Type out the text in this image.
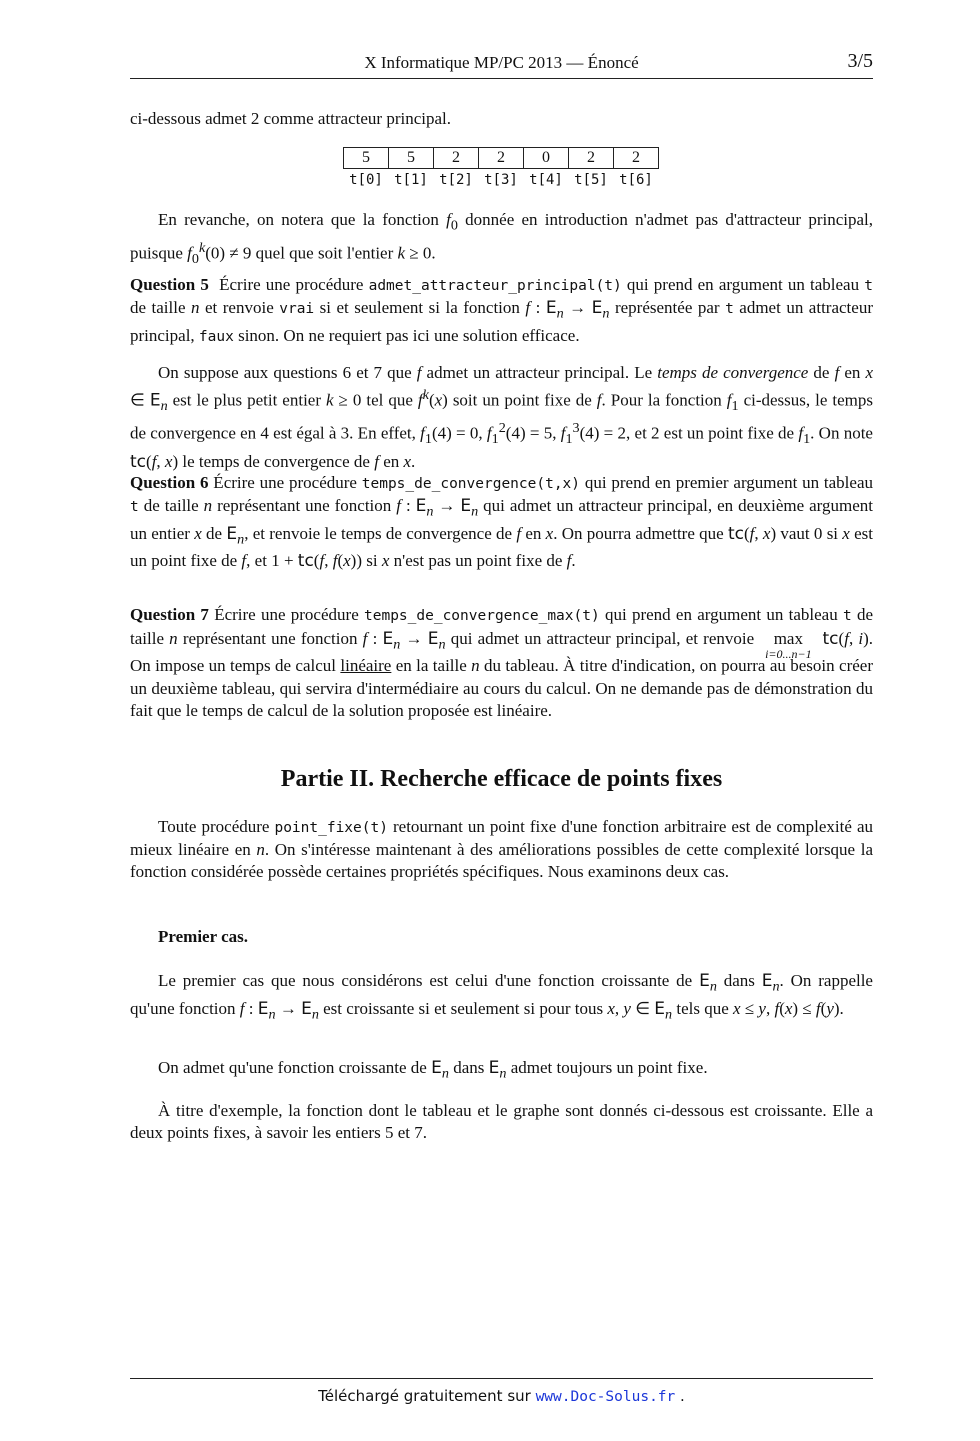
X Informatique MP/PC 2013 — Énoncé	3/5
ci-dessous admet 2 comme attracteur principal.
5	5	2	2	0	2	2
t[0]	t[1]	t[2]	t[3]	t[4]	t[5]	t[6]
En revanche, on notera que la fonction $f_0$ donnée en introduction n'admet pas d'attracteur principal, puisque $f_0^k(0) \ne 9$ quel que soit l'entier k ≥ 0.
Question 5 Écrire une procédure admet_attracteur_principal(t) qui prend en argument un tableau t de taille n et renvoie vrai si et seulement si la fonction f : $E_n \to E_n$ représentée par t admet un attracteur principal, faux sinon. On ne requiert pas ici une solution efficace.
On suppose aux questions 6 et 7 que f admet un attracteur principal. Le temps de convergence de f en x ∈ $E_n$ est le plus petit entier k ≥ 0 tel que $f^k(x)$ soit un point fixe de f. Pour la fonction $f_1$ ci-dessus, le temps de convergence en 4 est égal à 3. En effet, $f_1(4) = 0$, $f_1^2(4) = 5$, $f_1^3(4) = 2$, et 2 est un point fixe de $f_1$. On note tc(f, x) le temps de convergence de f en x.
Question 6 Écrire une procédure temps_de_convergence(t,x) qui prend en premier argument un tableau t de taille n représentant une fonction f : $E_n \to E_n$ qui admet un attracteur principal, en deuxième argument un entier x de $E_n$, et renvoie le temps de convergence de f en x. On pourra admettre que tc(f, x) vaut 0 si x est un point fixe de f, et 1 + tc(f, f(x)) si x n'est pas un point fixe de f.
Question 7 Écrire une procédure temps_de_convergence_max(t) qui prend en argument un tableau t de taille n représentant une fonction f : $E_n \to E_n$ qui admet un attracteur principal, et renvoie max
i=0...n−1
tc(f, i). On impose un temps de calcul linéaire en la taille n du tableau. À titre d'indication, on pourra au besoin créer un deuxième tableau, qui servira d'intermédiaire au cours du calcul. On ne demande pas de démonstration du fait que le temps de calcul de la solution proposée est linéaire.
Partie II. Recherche efficace de points fixes
Toute procédure point_fixe(t) retournant un point fixe d'une fonction arbitraire est de complexité au mieux linéaire en n. On s'intéresse maintenant à des améliorations possibles de cette complexité lorsque la fonction considérée possède certaines propriétés spécifiques. Nous examinons deux cas.
Premier cas.
Le premier cas que nous considérons est celui d'une fonction croissante de $E_n$ dans $E_n$. On rappelle qu'une fonction f : $E_n \to E_n$ est croissante si et seulement si pour tous x, y ∈ $E_n$ tels que x ≤ y, f(x) ≤ f(y).
On admet qu'une fonction croissante de $E_n$ dans $E_n$ admet toujours un point fixe.
À titre d'exemple, la fonction dont le tableau et le graphe sont donnés ci-dessous est croissante. Elle a deux points fixes, à savoir les entiers 5 et 7.
Téléchargé gratuitement sur www.Doc-Solus.fr .
